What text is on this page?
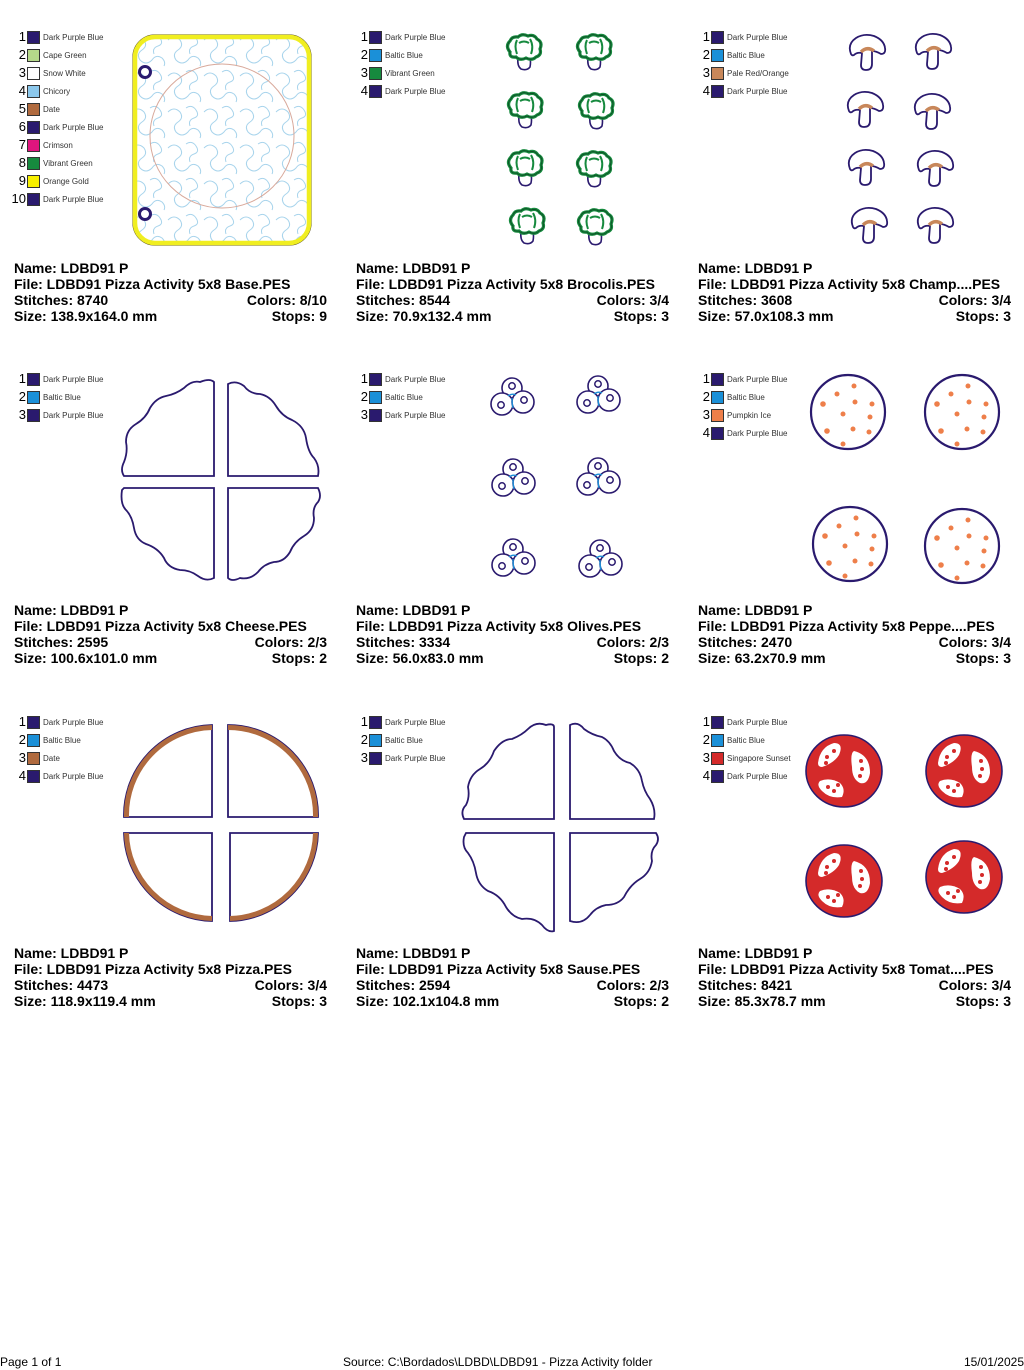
1 Dark Purple Blue
2 Cape Green
3 Snow White
4 Chicory
5 Date
6 Dark Purple Blue
7 Crimson
8 Vibrant Green
9 Orange Gold
10 Dark Purple Blue
Name: LDBD91 P
File: LDBD91 Pizza Activity 5x8 Base.PES
Stitches: 8740	Colors: 8/10
Size: 138.9x164.0 mm	Stops: 9
1 Dark Purple Blue
2 Baltic Blue
3 Vibrant Green
4 Dark Purple Blue
Name: LDBD91 P
File: LDBD91 Pizza Activity 5x8 Brocolis.PES
Stitches: 8544	Colors: 3/4
Size: 70.9x132.4 mm	Stops: 3
1 Dark Purple Blue
2 Baltic Blue
3 Pale Red/Orange
4 Dark Purple Blue
Name: LDBD91 P
File: LDBD91 Pizza Activity 5x8 Champ....PES
Stitches: 3608	Colors: 3/4
Size: 57.0x108.3 mm	Stops: 3
1 Dark Purple Blue
2 Baltic Blue
3 Dark Purple Blue
Name: LDBD91 P
File: LDBD91 Pizza Activity 5x8 Cheese.PES
Stitches: 2595	Colors: 2/3
Size: 100.6x101.0 mm	Stops: 2
1 Dark Purple Blue
2 Baltic Blue
3 Dark Purple Blue
Name: LDBD91 P
File: LDBD91 Pizza Activity 5x8 Olives.PES
Stitches: 3334	Colors: 2/3
Size: 56.0x83.0 mm	Stops: 2
1 Dark Purple Blue
2 Baltic Blue
3 Pumpkin Ice
4 Dark Purple Blue
Name: LDBD91 P
File: LDBD91 Pizza Activity 5x8 Peppe....PES
Stitches: 2470	Colors: 3/4
Size: 63.2x70.9 mm	Stops: 3
1 Dark Purple Blue
2 Baltic Blue
3 Date
4 Dark Purple Blue
Name: LDBD91 P
File: LDBD91 Pizza Activity 5x8 Pizza.PES
Stitches: 4473	Colors: 3/4
Size: 118.9x119.4 mm	Stops: 3
1 Dark Purple Blue
2 Baltic Blue
3 Dark Purple Blue
Name: LDBD91 P
File: LDBD91 Pizza Activity 5x8 Sause.PES
Stitches: 2594	Colors: 2/3
Size: 102.1x104.8 mm	Stops: 2
1 Dark Purple Blue
2 Baltic Blue
3 Singapore Sunset
4 Dark Purple Blue
Name: LDBD91 P
File: LDBD91 Pizza Activity 5x8 Tomat....PES
Stitches: 8421	Colors: 3/4
Size: 85.3x78.7 mm	Stops: 3
Page 1 of 1	Source: C:\Bordados\LDBD\LDBD91 - Pizza Activity folder	15/01/2025
